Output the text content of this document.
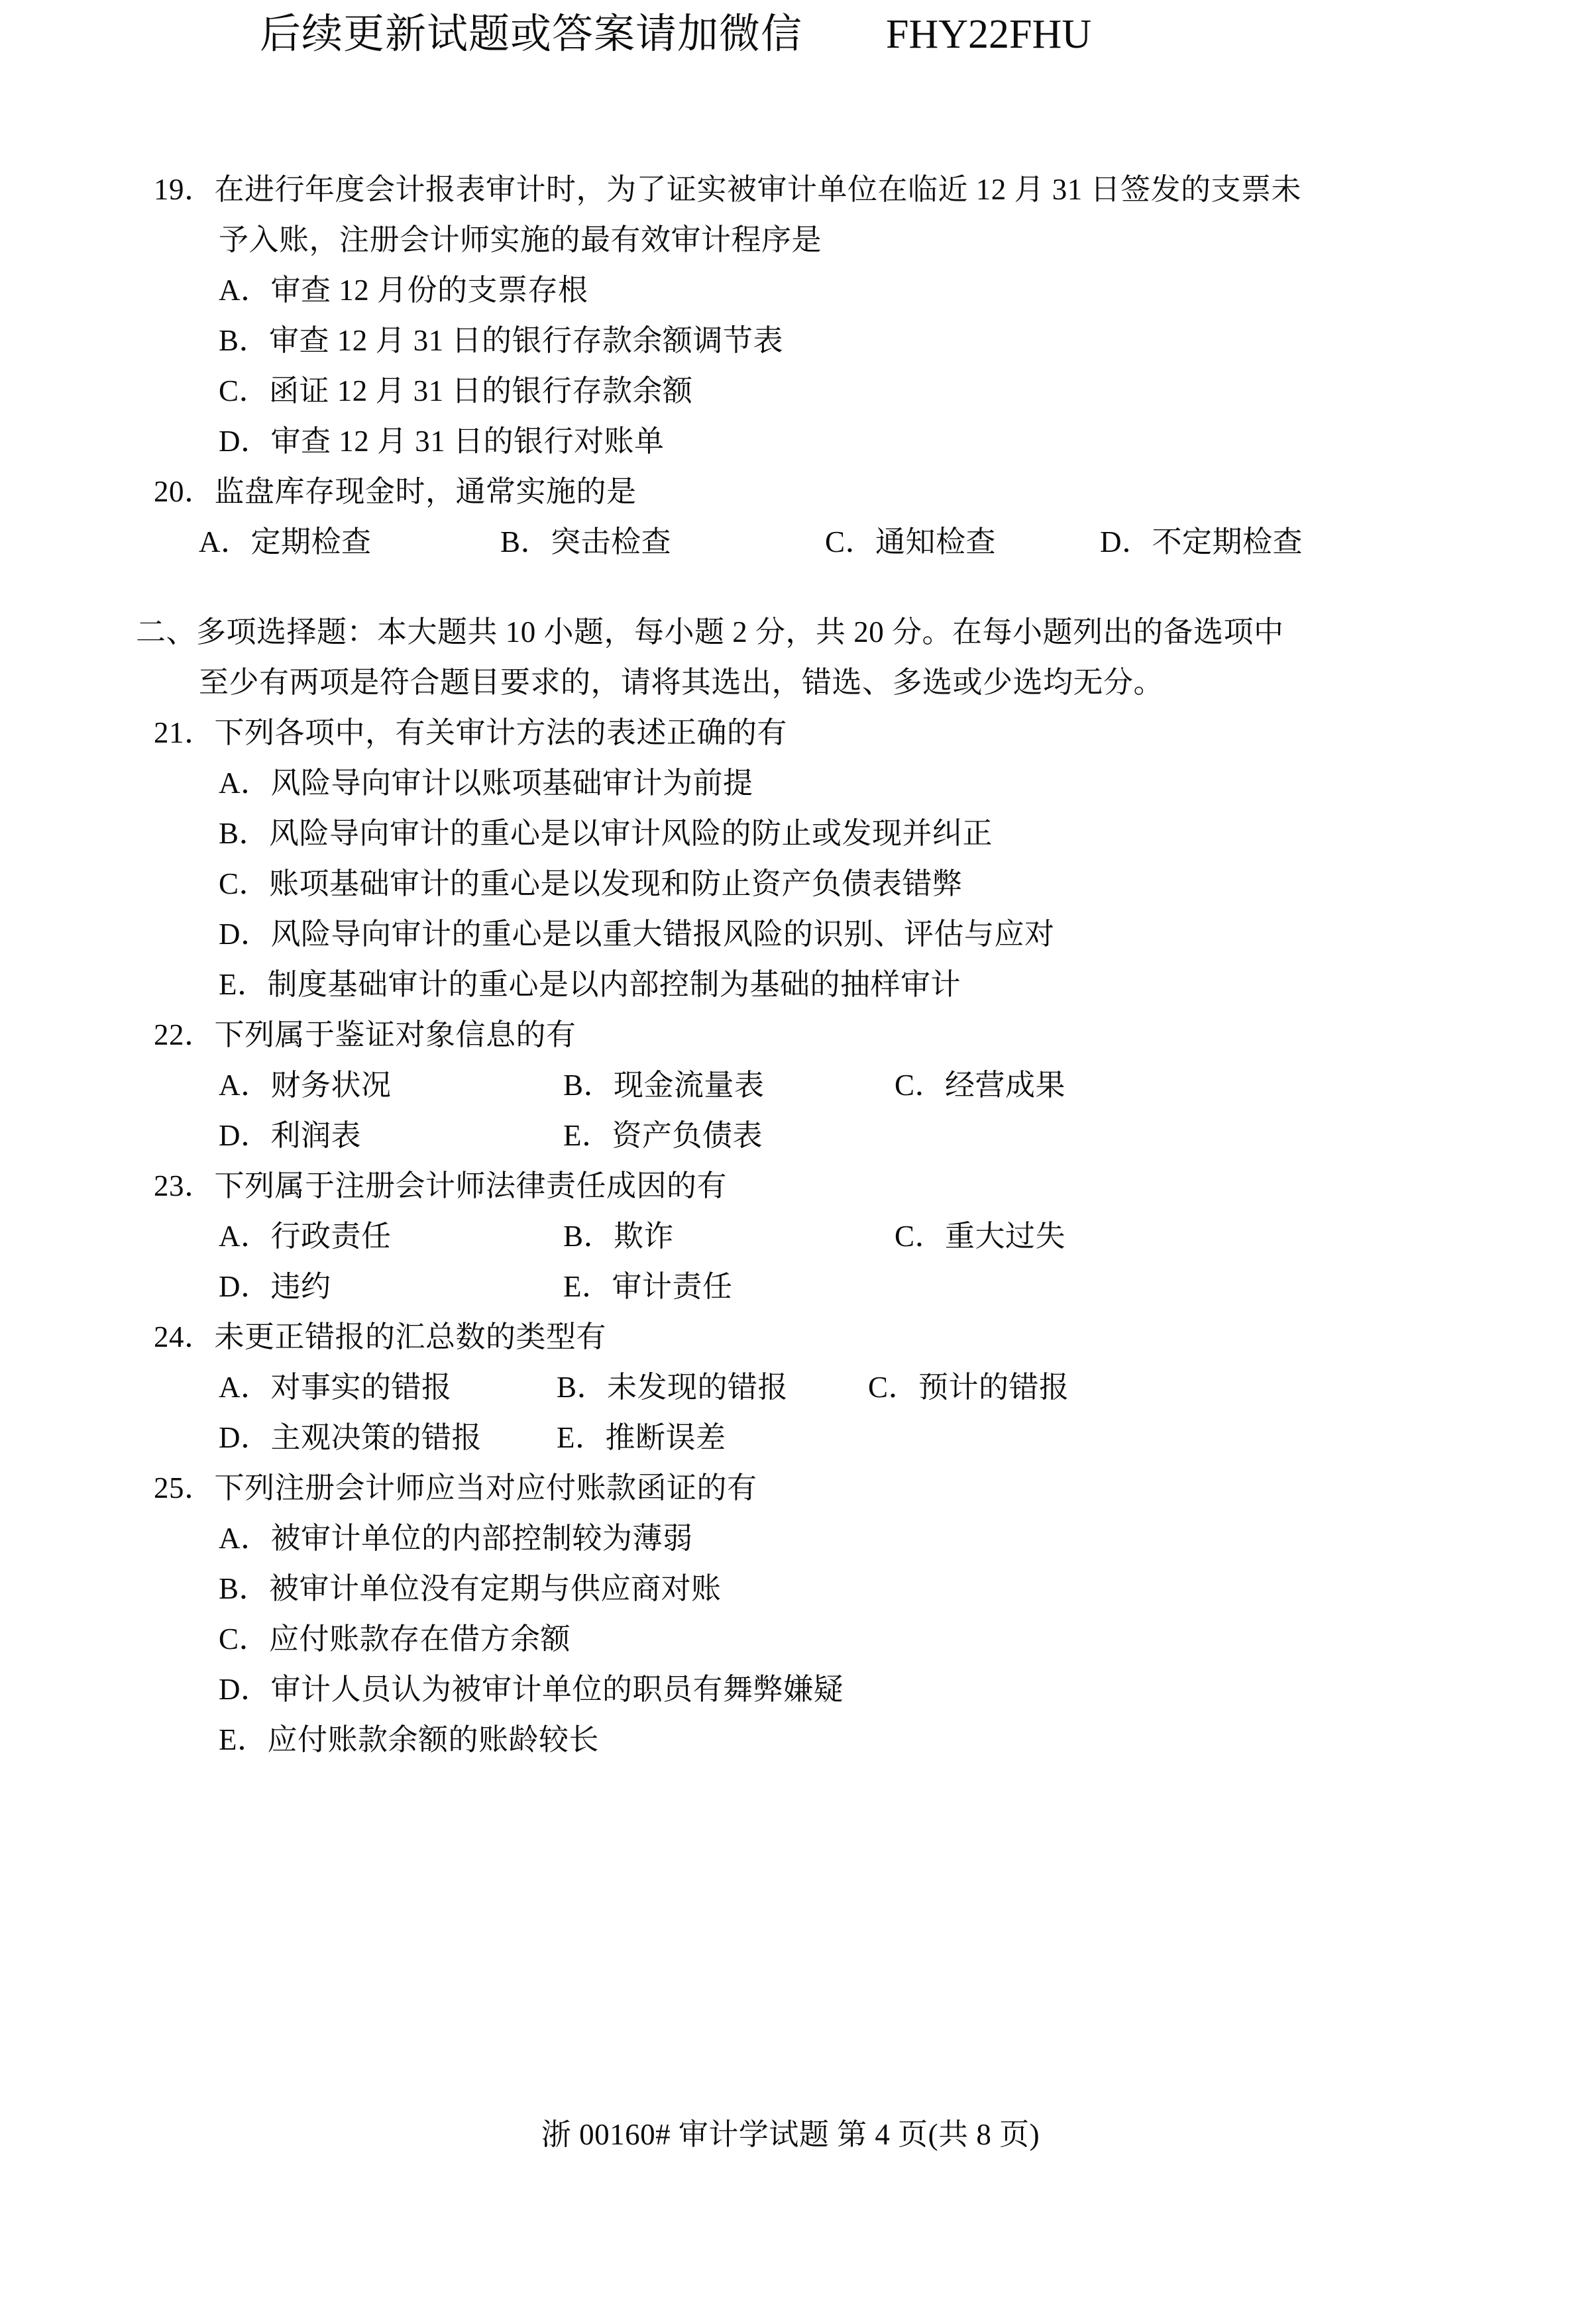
后续更新试题或答案请加微信　　 FHY22FHU
19．在进行年度会计报表审计时，为了证实被审计单位在临近 12 月 31 日签发的支票未
予入账，注册会计师实施的最有效审计程序是
A．审查 12 月份的支票存根
B．审查 12 月 31 日的银行存款余额调节表
C．函证 12 月 31 日的银行存款余额
D．审查 12 月 31 日的银行对账单
20．监盘库存现金时，通常实施的是
A．定期检查	B．突击检查	C．通知检查	D．不定期检查
二、多项选择题：本大题共 10 小题，每小题 2 分，共 20 分。在每小题列出的备选项中
至少有两项是符合题目要求的，请将其选出，错选、多选或少选均无分。
21．下列各项中，有关审计方法的表述正确的有
A．风险导向审计以账项基础审计为前提
B．风险导向审计的重心是以审计风险的防止或发现并纠正
C．账项基础审计的重心是以发现和防止资产负债表错弊
D．风险导向审计的重心是以重大错报风险的识别、评估与应对
E．制度基础审计的重心是以内部控制为基础的抽样审计
22．下列属于鉴证对象信息的有
A．财务状况	B．现金流量表	C．经营成果
D．利润表	E．资产负债表
23．下列属于注册会计师法律责任成因的有
A．行政责任	B．欺诈	C．重大过失
D．违约	E．审计责任
24．未更正错报的汇总数的类型有
A．对事实的错报	B．未发现的错报	C．预计的错报
D．主观决策的错报	E．推断误差
25．下列注册会计师应当对应付账款函证的有
A．被审计单位的内部控制较为薄弱
B．被审计单位没有定期与供应商对账
C．应付账款存在借方余额
D．审计人员认为被审计单位的职员有舞弊嫌疑
E．应付账款余额的账龄较长
浙 00160# 审计学试题 第 4 页(共 8 页)
